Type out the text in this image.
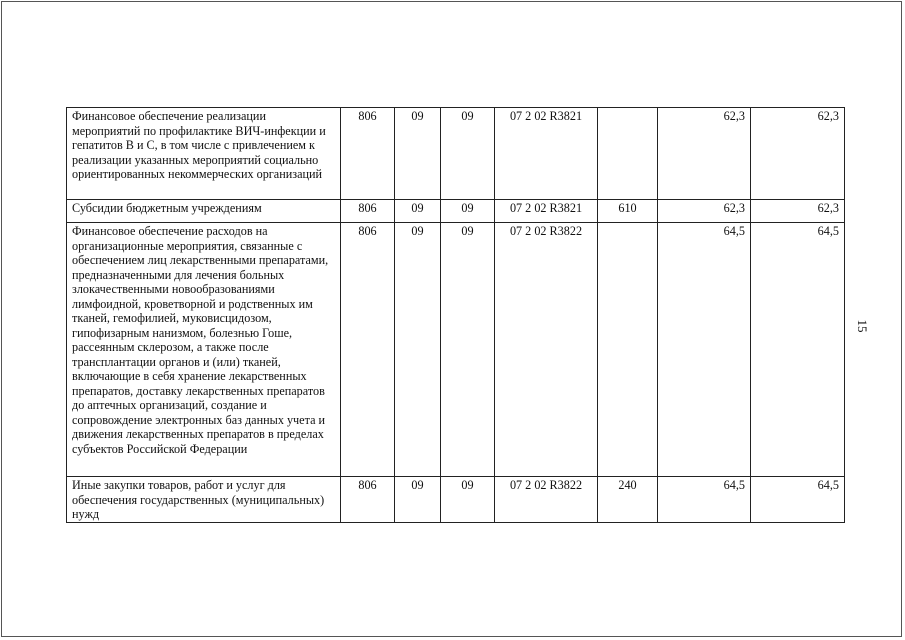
Финансовое обеспечение реализации мероприятий по профилактике ВИЧ-инфекции и гепатитов В и С, в том числе с привлечением к реализации указанных мероприятий социально ориентированных некоммерческих организаций	806	09	09	07 2 02 R3821		62,3	62,3
Субсидии бюджетным учреждениям	806	09	09	07 2 02 R3821	610	62,3	62,3
Финансовое обеспечение расходов на организационные мероприятия, связанные с обеспечением лиц лекарственными препаратами, предназначенными для лечения больных злокачественными новообразованиями лимфоидной, кроветворной и родственных им тканей, гемофилией, муковисцидозом, гипофизарным нанизмом, болезнью Гоше, рассеянным склерозом, а также после трансплантации органов и (или) тканей, включающие в себя хранение лекарственных препаратов, доставку лекарственных препаратов до аптечных организаций, создание и сопровождение электронных баз данных учета и движения лекарственных препаратов в пределах субъектов Российской Федерации	806	09	09	07 2 02 R3822		64,5	64,5
Иные закупки товаров, работ и услуг для обеспечения государственных (муниципальных) нужд	806	09	09	07 2 02 R3822	240	64,5	64,5
15
